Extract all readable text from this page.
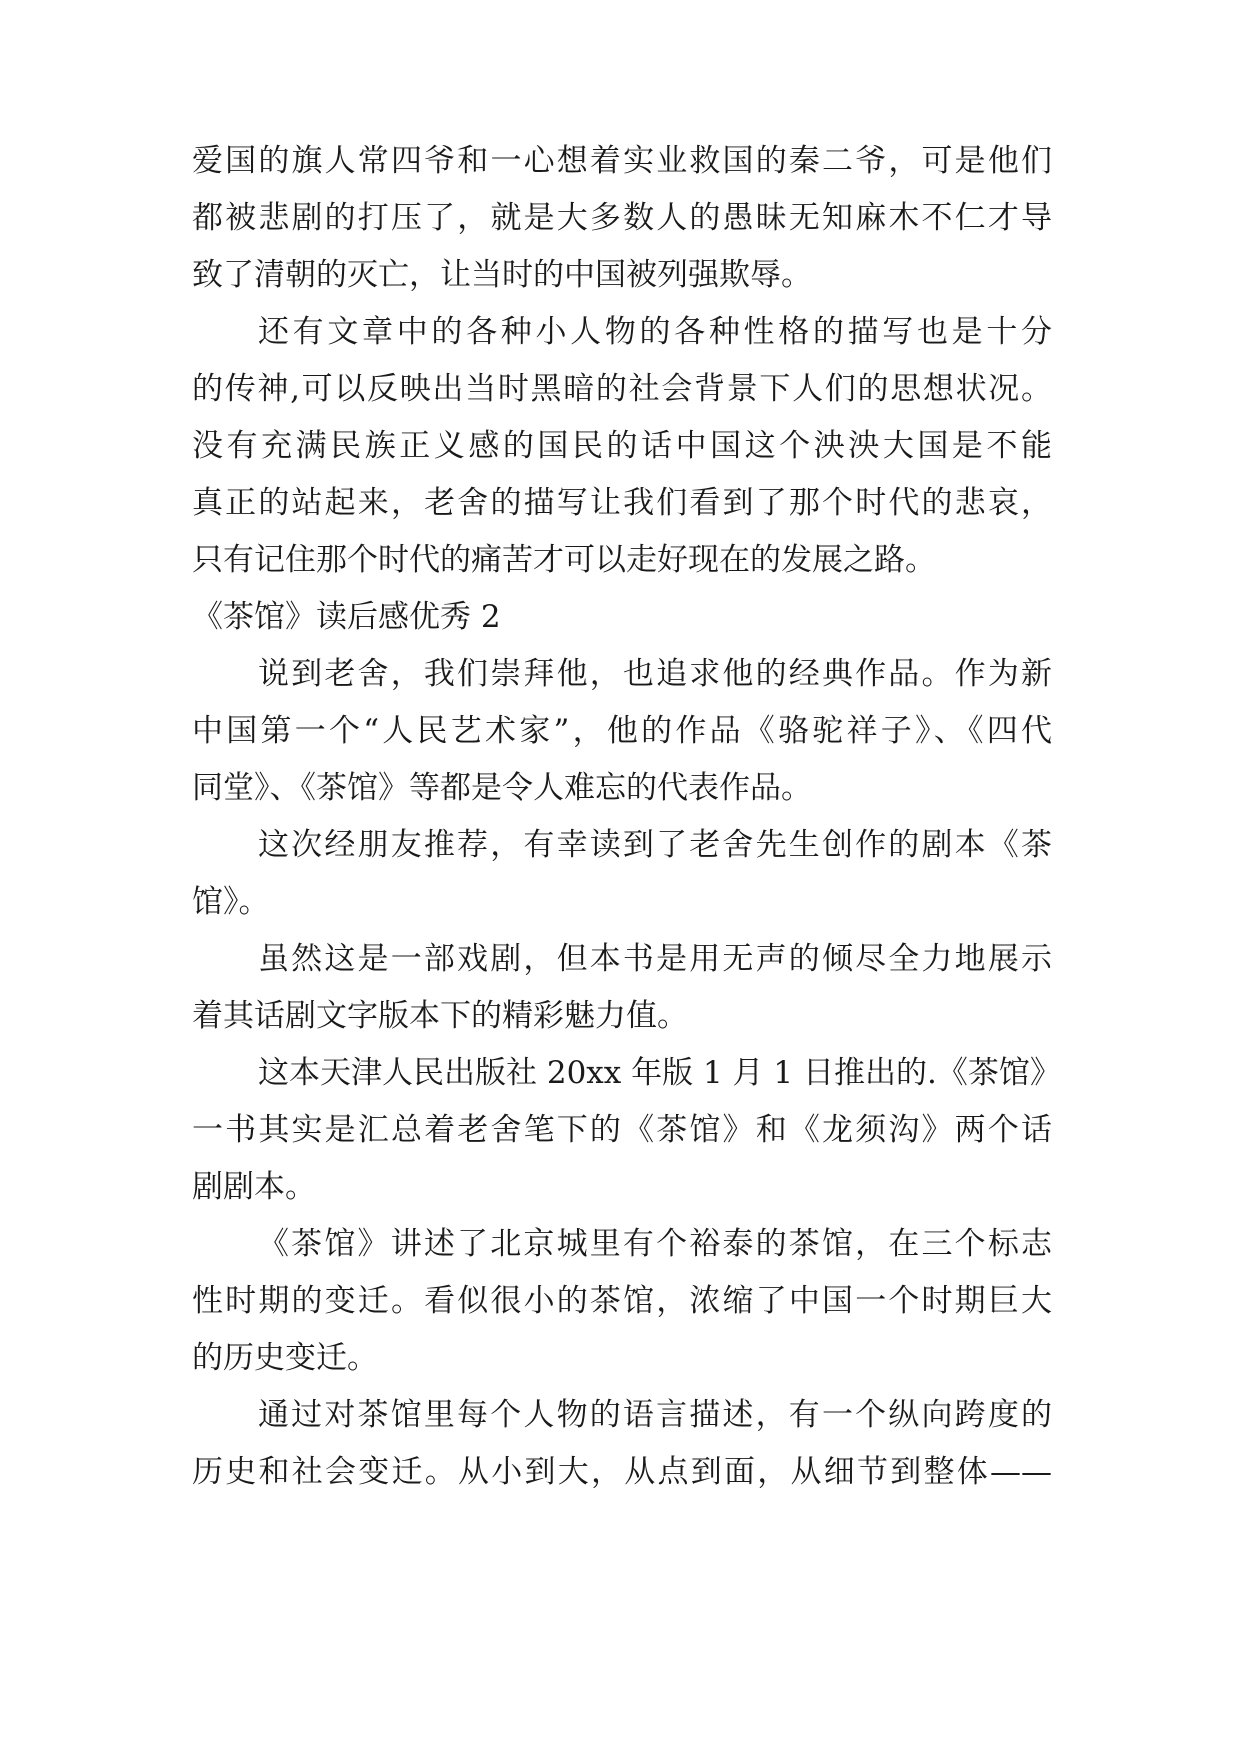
爱国的旗人常四爷和一心想着实业救国的秦二爷，可是他们
都被悲剧的打压了，就是大多数人的愚昧无知麻木不仁才导
致了清朝的灭亡，让当时的中国被列强欺辱。
还有文章中的各种小人物的各种性格的描写也是十分
的传神,可以反映出当时黑暗的社会背景下人们的思想状况。
没有充满民族正义感的国民的话中国这个泱泱大国是不能
真正的站起来，老舍的描写让我们看到了那个时代的悲哀，
只有记住那个时代的痛苦才可以走好现在的发展之路。
《茶馆》读后感优秀 2
说到老舍，我们崇拜他，也追求他的经典作品。作为新
中国第一个“人民艺术家”，他的作品《骆驼祥子》、《四代
同堂》、《茶馆》等都是令人难忘的代表作品。
这次经朋友推荐，有幸读到了老舍先生创作的剧本《茶
馆》。
虽然这是一部戏剧，但本书是用无声的倾尽全力地展示
着其话剧文字版本下的精彩魅力值。
这本天津人民出版社 20xx 年版 1 月 1 日推出的.《茶馆》
一书其实是汇总着老舍笔下的《茶馆》和《龙须沟》两个话
剧剧本。
《茶馆》讲述了北京城里有个裕泰的茶馆，在三个标志
性时期的变迁。看似很小的茶馆，浓缩了中国一个时期巨大
的历史变迁。
通过对茶馆里每个人物的语言描述，有一个纵向跨度的
历史和社会变迁。从小到大，从点到面，从细节到整体——
